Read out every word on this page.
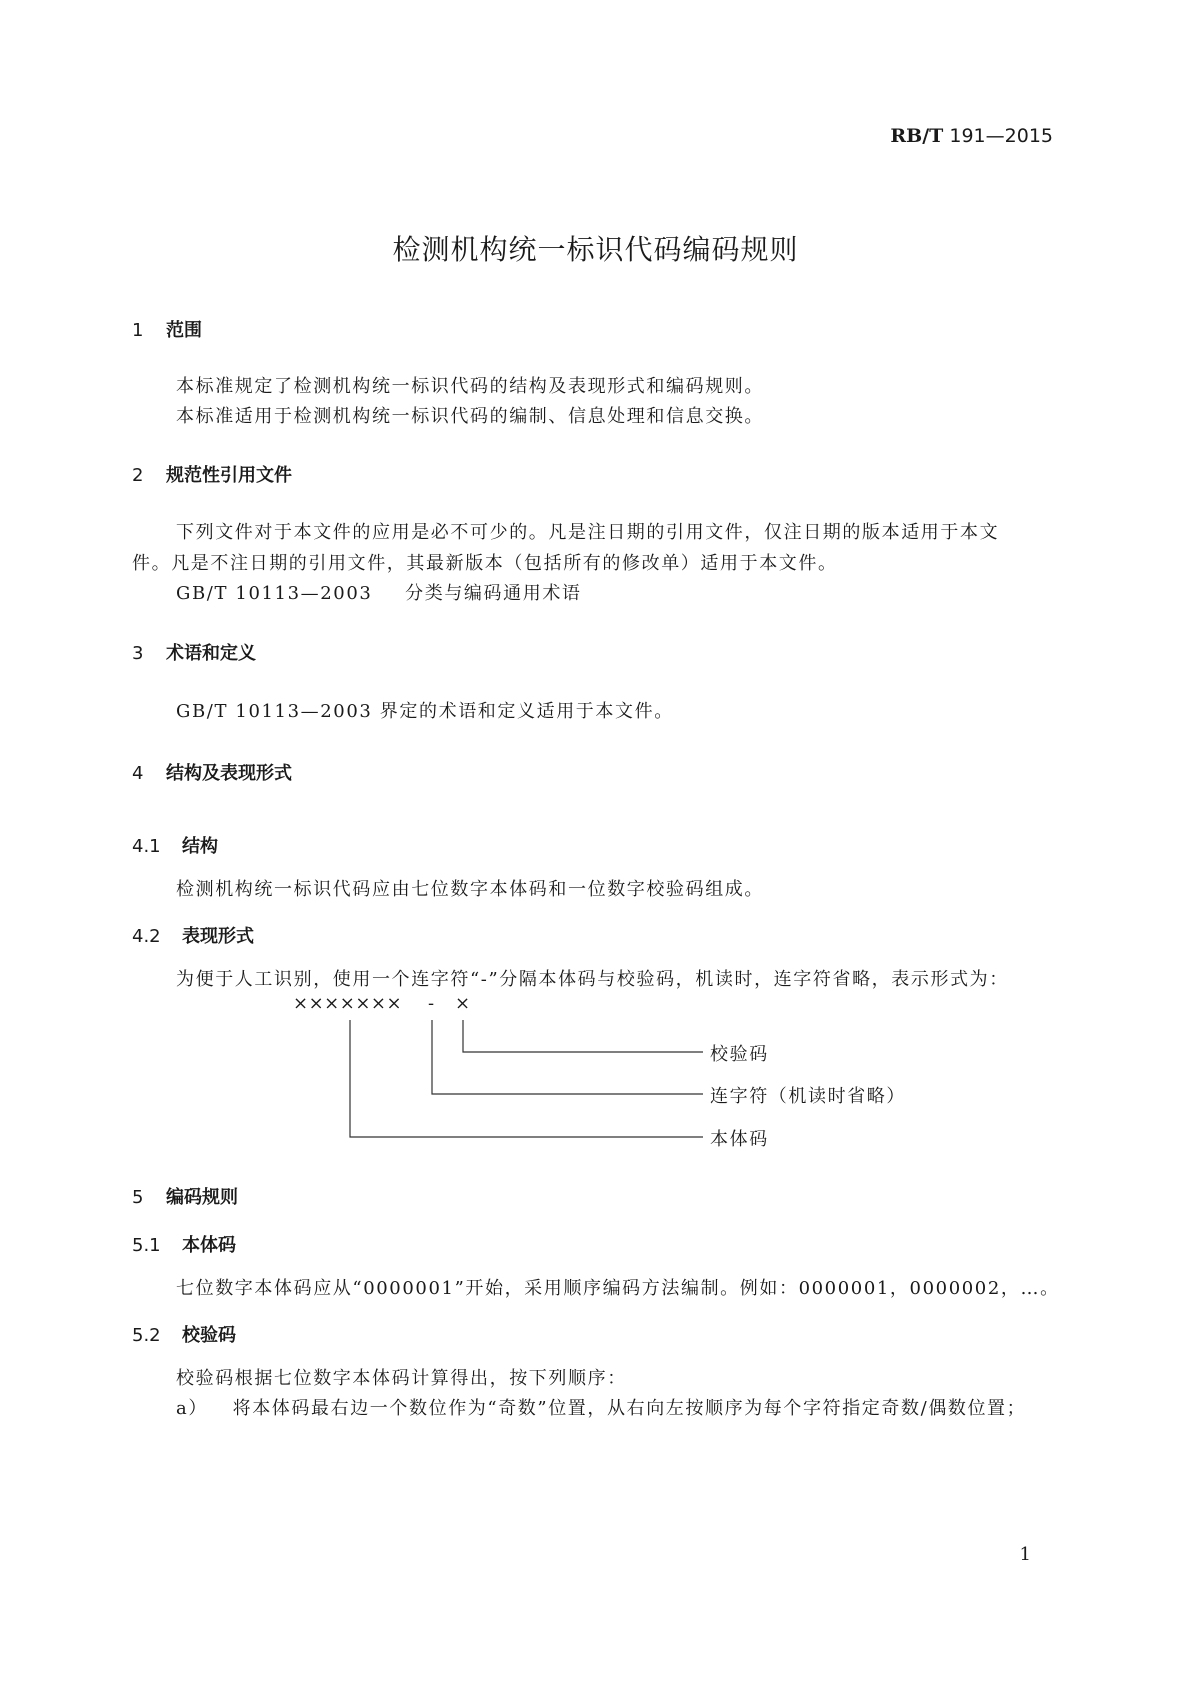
RB/T 191—2015
检测机构统一标识代码编码规则
1 范围
本标准规定了检测机构统一标识代码的结构及表现形式和编码规则。
本标准适用于检测机构统一标识代码的编制、信息处理和信息交换。
2 规范性引用文件
下列文件对于本文件的应用是必不可少的。凡是注日期的引用文件，仅注日期的版本适用于本文
件。凡是不注日期的引用文件，其最新版本（包括所有的修改单）适用于本文件。
GB/T 10113—2003 分类与编码通用术语
3 术语和定义
GB/T 10113—2003 界定的术语和定义适用于本文件。
4 结构及表现形式
4.1 结构
检测机构统一标识代码应由七位数字本体码和一位数字校验码组成。
4.2 表现形式
为便于人工识别，使用一个连字符“-”分隔本体码与校验码，机读时，连字符省略，表示形式为：
××××××× - ×
校验码
连字符（机读时省略）
本体码
5 编码规则
5.1 本体码
七位数字本体码应从“0000001”开始，采用顺序编码方法编制。例如：0000001，0000002，…。
5.2 校验码
校验码根据七位数字本体码计算得出，按下列顺序：
a） 将本体码最右边一个数位作为“奇数”位置，从右向左按顺序为每个字符指定奇数/偶数位置；
1
